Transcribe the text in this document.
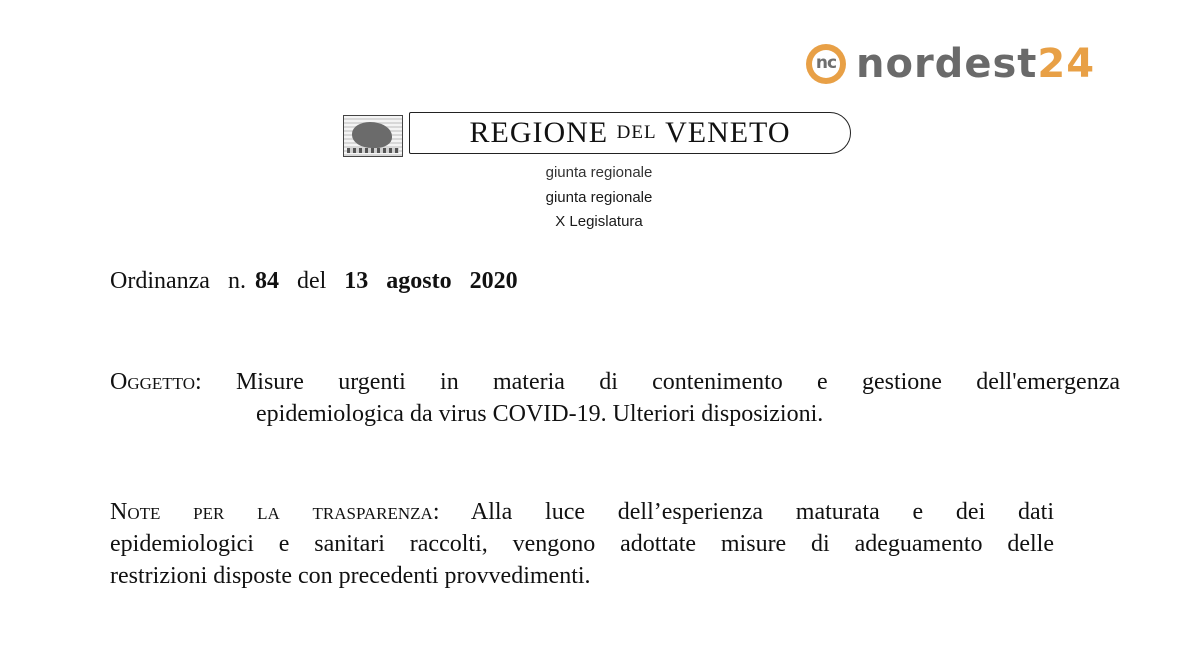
nc
nordest24
REGIONE
DEL
VENETO
giunta regionale
giunta regionale
X Legislatura
Ordinanza  n. 84  del  13  agosto  2020
Oggetto: Misure urgenti in materia di contenimento e gestione dell'emergenza
epidemiologica da virus COVID-19. Ulteriori disposizioni.
Note per la trasparenza: Alla luce dell’esperienza maturata e dei dati
epidemiologici e sanitari raccolti, vengono adottate misure di adeguamento delle
restrizioni disposte con precedenti provvedimenti.
